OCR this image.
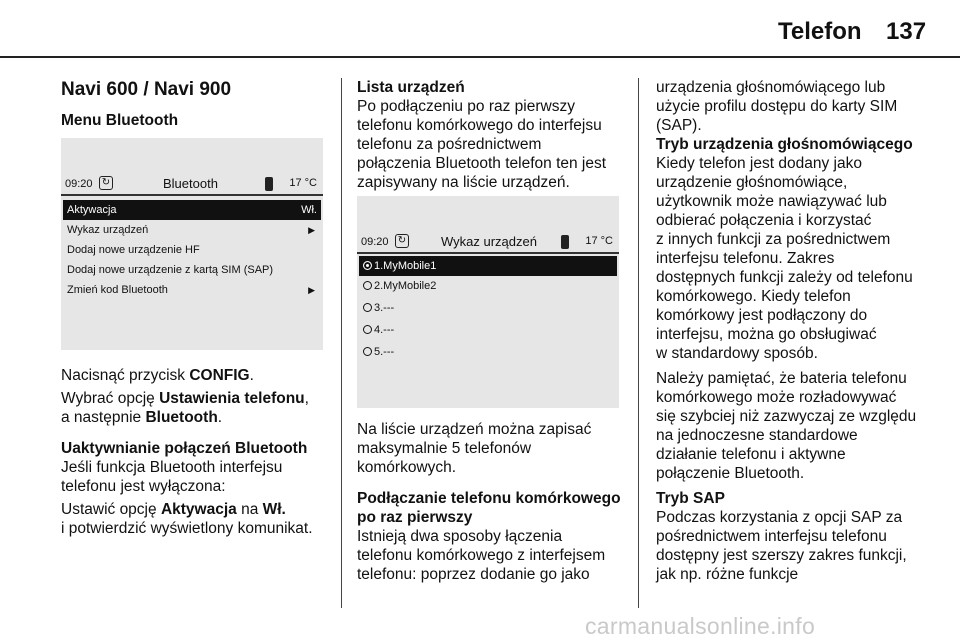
Telefon 137
Navi 600 / Navi 900
Menu Bluetooth
09:20 ↻	Bluetooth	17 °C
Aktywacja	Wł.
Wykaz urządzeń	▶
Dodaj nowe urządzenie HF
Dodaj nowe urządzenie z kartą SIM (SAP)
Zmień kod Bluetooth	▶
Nacisnąć przycisk CONFIG.
Wybrać opcję Ustawienia telefonu,
a następnie Bluetooth.
Uaktywnianie połączeń Bluetooth
Jeśli funkcja Bluetooth interfejsu
telefonu jest wyłączona:
Ustawić opcję Aktywacja na Wł.
i potwierdzić wyświetlony komunikat.
Lista urządzeń
Po podłączeniu po raz pierwszy
telefonu komórkowego do interfejsu
telefonu za pośrednictwem
połączenia Bluetooth telefon ten jest
zapisywany na liście urządzeń.
09:20 ↻	Wykaz urządzeń	17 °C
1.MyMobile1
2.MyMobile2
3.---
4.---
5.---
Na liście urządzeń można zapisać
maksymalnie 5 telefonów
komórkowych.
Podłączanie telefonu komórkowego
po raz pierwszy
Istnieją dwa sposoby łączenia
telefonu komórkowego z interfejsem
telefonu: poprzez dodanie go jako
urządzenia głośnomówiącego lub
użycie profilu dostępu do karty SIM
(SAP).
Tryb urządzenia głośnomówiącego
Kiedy telefon jest dodany jako
urządzenie głośnomówiące,
użytkownik może nawiązywać lub
odbierać połączenia i korzystać
z innych funkcji za pośrednictwem
interfejsu telefonu. Zakres
dostępnych funkcji zależy od telefonu
komórkowego. Kiedy telefon
komórkowy jest podłączony do
interfejsu, można go obsługiwać
w standardowy sposób.
Należy pamiętać, że bateria telefonu
komórkowego może rozładowywać
się szybciej niż zazwyczaj ze względu
na jednoczesne standardowe
działanie telefonu i aktywne
połączenie Bluetooth.
Tryb SAP
Podczas korzystania z opcji SAP za
pośrednictwem interfejsu telefonu
dostępny jest szerszy zakres funkcji,
jak np. różne funkcje
carmanualsonline.info
